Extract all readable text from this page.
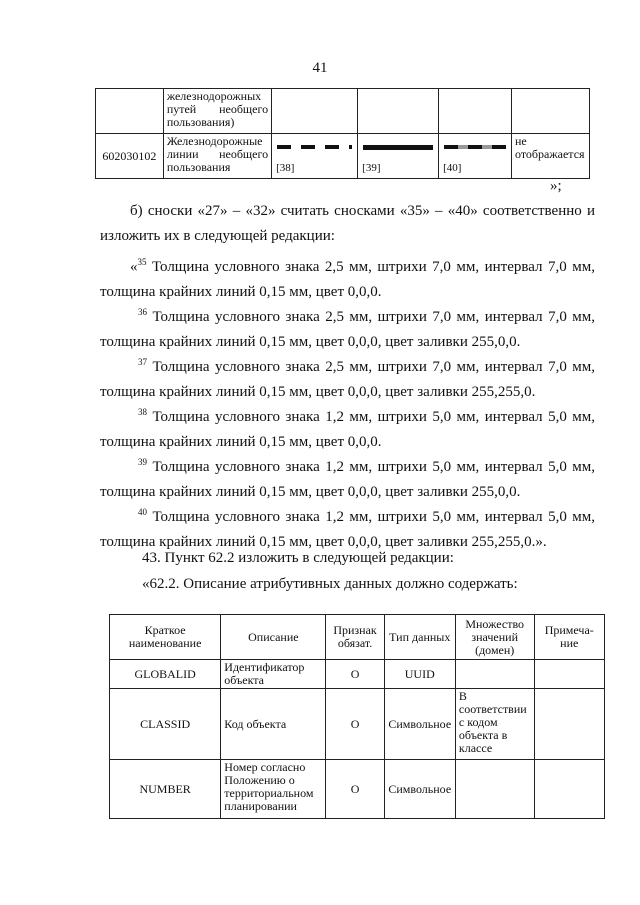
41
	железнодорожных путей необщего пользования)				
602030102	Железнодорожные линии необщего пользования	[38]	[39]	[40]	не отображается
»;
б) сноски «27» – «32» считать сносками «35» – «40» соответственно и изложить их в следующей редакции:
«$^{35}$ Толщина условного знака 2,5 мм, штрихи 7,0 мм, интервал 7,0 мм, толщина крайних линий 0,15 мм, цвет 0,0,0.
$^{36}$ Толщина условного знака 2,5 мм, штрихи 7,0 мм, интервал 7,0 мм, толщина крайних линий 0,15 мм, цвет 0,0,0, цвет заливки 255,0,0.
$^{37}$ Толщина условного знака 2,5 мм, штрихи 7,0 мм, интервал 7,0 мм, толщина крайних линий 0,15 мм, цвет 0,0,0, цвет заливки 255,255,0.
$^{38}$ Толщина условного знака 1,2 мм, штрихи 5,0 мм, интервал 5,0 мм, толщина крайних линий 0,15 мм, цвет 0,0,0.
$^{39}$ Толщина условного знака 1,2 мм, штрихи 5,0 мм, интервал 5,0 мм, толщина крайних линий 0,15 мм, цвет 0,0,0, цвет заливки 255,0,0.
$^{40}$ Толщина условного знака 1,2 мм, штрихи 5,0 мм, интервал 5,0 мм, толщина крайних линий 0,15 мм, цвет 0,0,0, цвет заливки 255,255,0.».
43. Пункт 62.2 изложить в следующей редакции:
«62.2. Описание атрибутивных данных должно содержать:
Краткое наименование	Описание	Признак обязат.	Тип данных	Множество значений (домен)	Примеча-ние
GLOBALID	Идентификатор объекта	О	UUID		
CLASSID	Код объекта	О	Символьное	В соответствии с кодом объекта в классе	
NUMBER	Номер согласно Положению о территориальном планировании	О	Символьное		
